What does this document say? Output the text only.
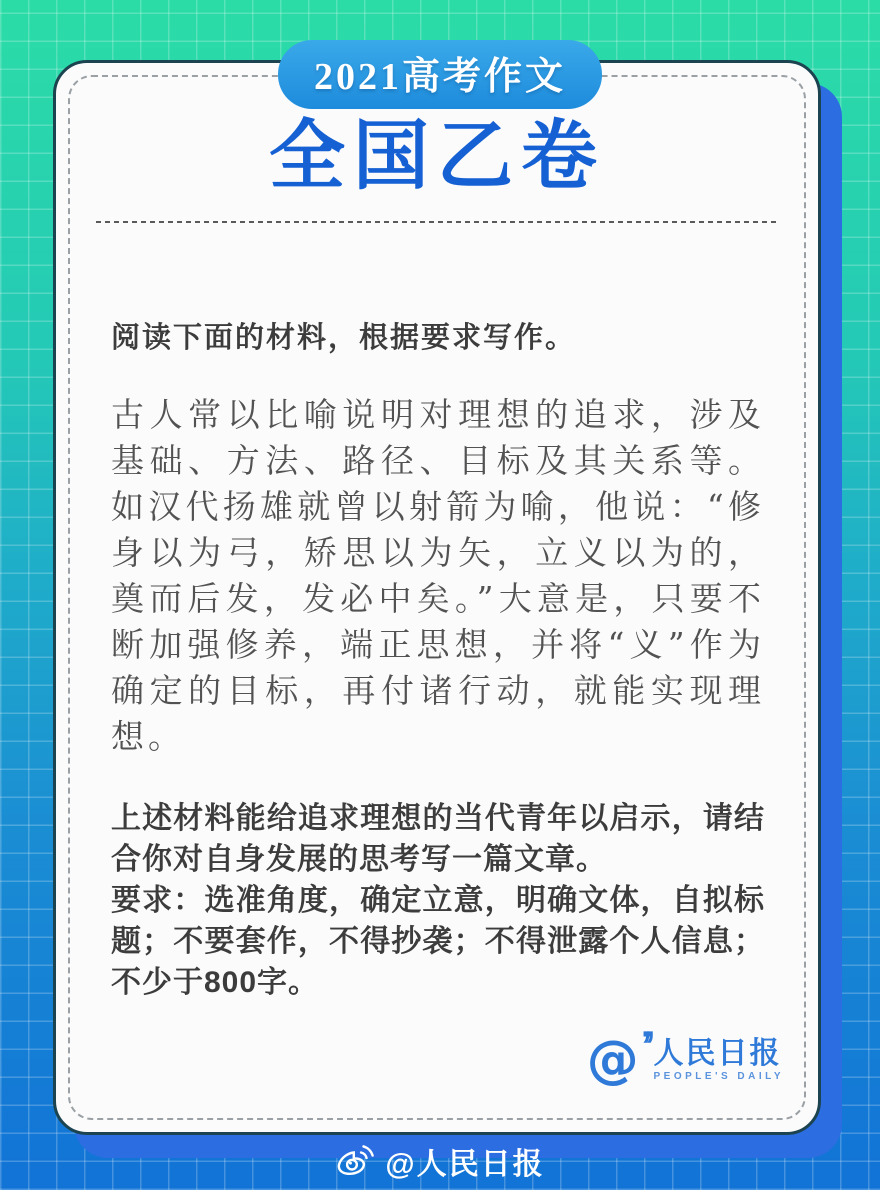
2021高考作文
全国乙卷
阅读下面的材料，根据要求写作。
古人常以比喻说明对理想的追求，涉及基础、方法、路径、目标及其关系等。如汉代扬雄就曾以射箭为喻，他说：“修身以为弓，矫思以为矢，立义以为的，奠而后发，发必中矣。”大意是，只要不断加强修养，端正思想，并将“义”作为确定的目标，再付诸行动，就能实现理想。

上述材料能给追求理想的当代青年以启示，请结合你对自身发展的思考写一篇文章。

要求：选准角度，确定立意，明确文体，自拟标题；不要套作，不得抄袭；不得泄露个人信息；不少于800字。

@ ’’ 人民日报
PEOPLE'S DAILY
@人民日报
